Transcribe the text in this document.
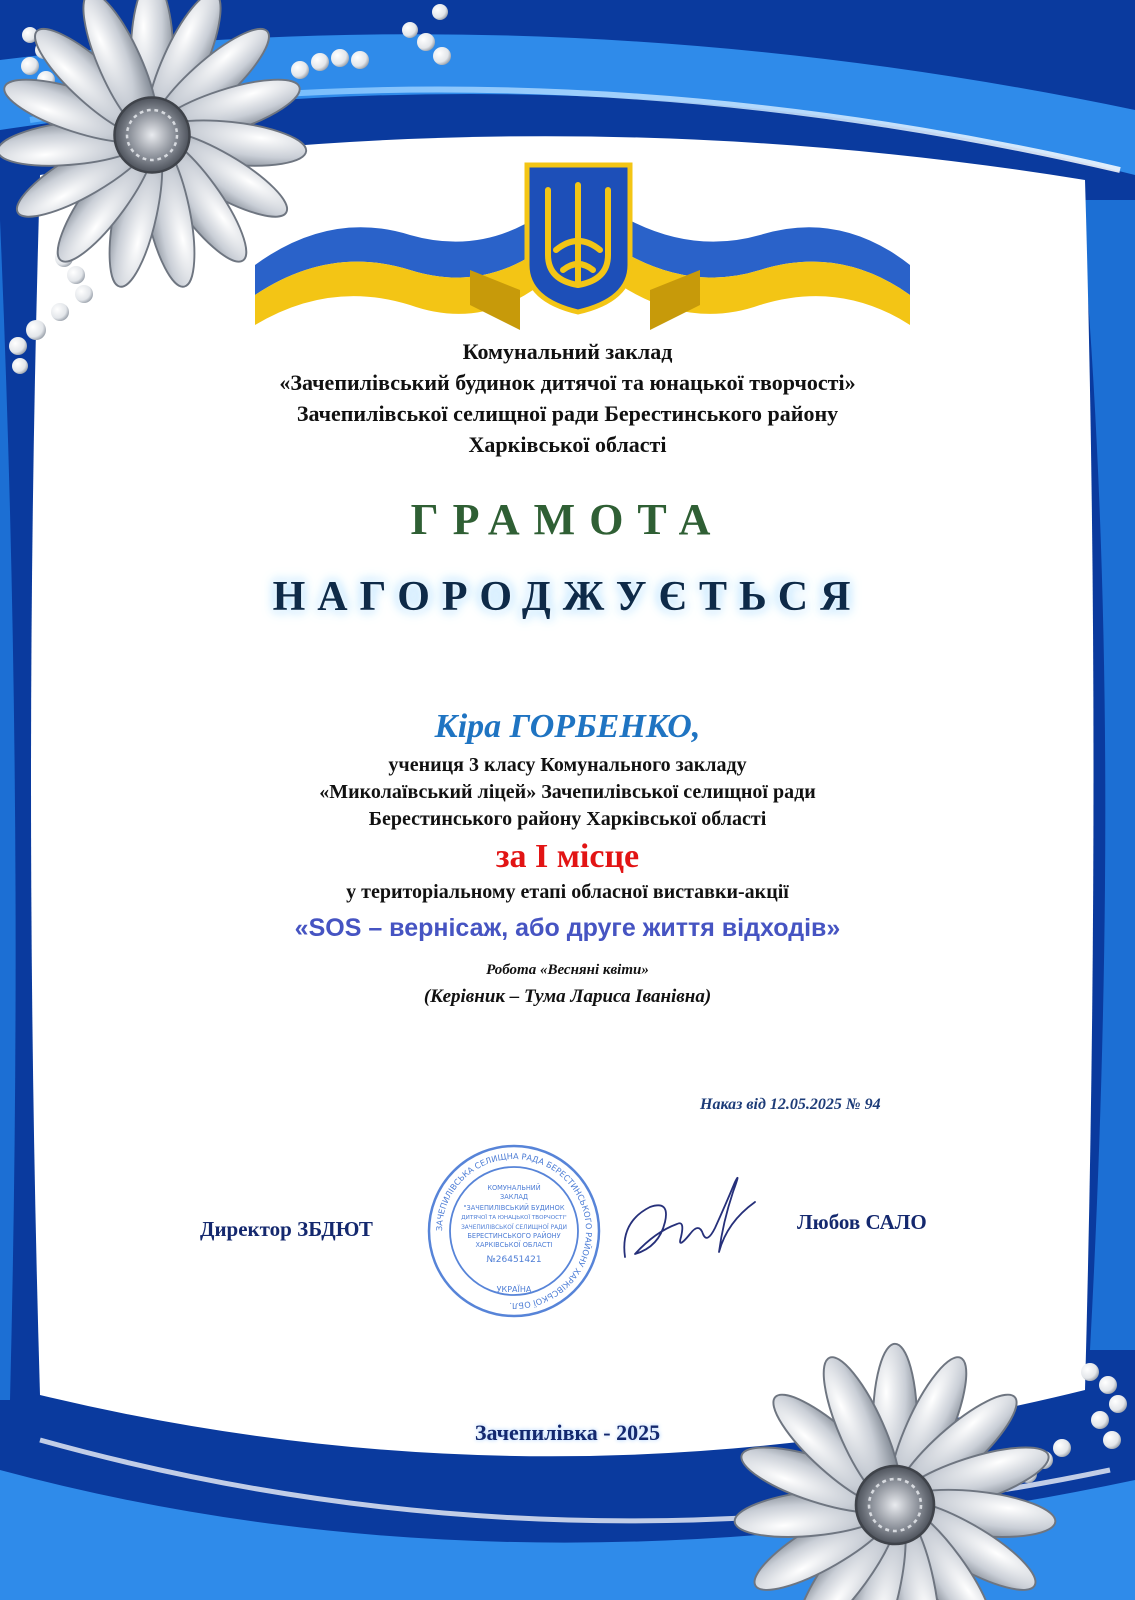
Комунальний заклад
«Зачепилівський будинок дитячої та юнацької творчості»
Зачепилівської селищної ради Берестинського району
Харківської області
ГРАМОТА
НАГОРОДЖУЄТЬСЯ
Кіра ГОРБЕНКО,
учениця 3 класу Комунального закладу
«Миколаївський ліцей» Зачепилівської селищної ради
Берестинського району Харківської області
за І місце
у територіальному етапі обласної виставки-акції
«SOS – вернісаж, або друге життя відходів»
Робота «Весняні квіти»
(Керівник – Тума Лариса Іванівна)
Наказ від 12.05.2025 № 94
Директор ЗБДЮТ	ЗАЧЕПИЛІВСЬКА СЕЛИЩНА РАДА БЕРЕСТИНСЬКОГО РАЙОНУ ХАРКІВСЬКОЇ ОБЛ.
КОМУНАЛЬНИЙ
ЗАКЛАД
"ЗАЧЕПИЛІВСЬКИЙ БУДИНОК
ДИТЯЧОЇ ТА ЮНАЦЬКОЇ ТВОРЧОСТІ"
ЗАЧЕПИЛІВСЬКОЇ СЕЛИЩНОЇ РАДИ
БЕРЕСТИНСЬКОГО РАЙОНУ
ХАРКІВСЬКОЇ ОБЛАСТІ
№26451421
УКРАЇНА
Любов САЛО
Зачепилівка - 2025
